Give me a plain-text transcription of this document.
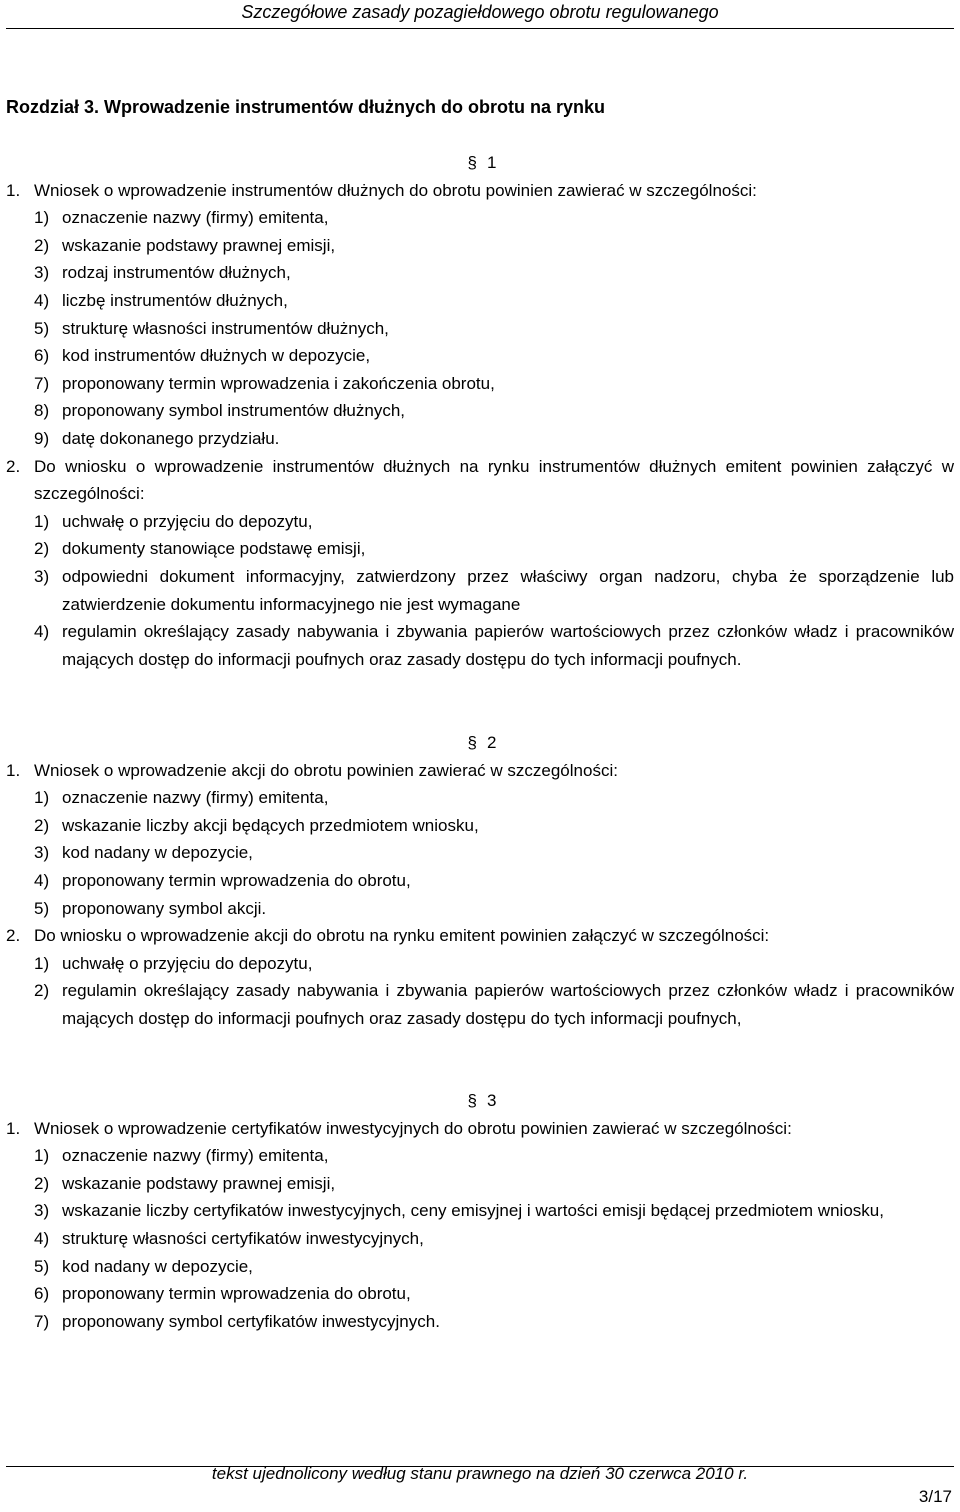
Szczegółowe zasady pozagiełdowego obrotu regulowanego
Rozdział 3. Wprowadzenie instrumentów dłużnych do obrotu na rynku
§ 1
1. Wniosek o wprowadzenie instrumentów dłużnych do obrotu powinien zawierać w szczególności:
1) oznaczenie nazwy (firmy) emitenta,
2) wskazanie podstawy prawnej emisji,
3) rodzaj instrumentów dłużnych,
4) liczbę instrumentów dłużnych,
5) strukturę własności instrumentów dłużnych,
6) kod instrumentów dłużnych w depozycie,
7) proponowany termin wprowadzenia i zakończenia obrotu,
8) proponowany symbol instrumentów dłużnych,
9) datę dokonanego przydziału.
2. Do wniosku o wprowadzenie instrumentów dłużnych na rynku instrumentów dłużnych emitent powinien załączyć w szczególności:
1) uchwałę o przyjęciu do depozytu,
2) dokumenty stanowiące podstawę emisji,
3) odpowiedni dokument informacyjny, zatwierdzony przez właściwy organ nadzoru, chyba że sporządzenie lub zatwierdzenie dokumentu informacyjnego nie jest wymagane
4) regulamin określający zasady nabywania i zbywania papierów wartościowych przez członków władz i pracowników mających dostęp do informacji poufnych oraz zasady dostępu do tych informacji poufnych.
§ 2
1. Wniosek o wprowadzenie akcji do obrotu powinien zawierać w szczególności:
1) oznaczenie nazwy (firmy) emitenta,
2) wskazanie liczby akcji będących przedmiotem wniosku,
3) kod nadany w depozycie,
4) proponowany termin wprowadzenia do obrotu,
5) proponowany symbol akcji.
2. Do wniosku o wprowadzenie akcji do obrotu na rynku emitent powinien załączyć w szczególności:
1) uchwałę o przyjęciu do depozytu,
2) regulamin określający zasady nabywania i zbywania papierów wartościowych przez członków władz i pracowników mających dostęp do informacji poufnych oraz zasady dostępu do tych informacji poufnych,
§ 3
1. Wniosek o wprowadzenie certyfikatów inwestycyjnych do obrotu powinien zawierać w szczególności:
1) oznaczenie nazwy (firmy) emitenta,
2) wskazanie podstawy prawnej emisji,
3) wskazanie liczby certyfikatów inwestycyjnych, ceny emisyjnej i wartości emisji będącej przedmiotem wniosku,
4) strukturę własności certyfikatów inwestycyjnych,
5) kod nadany w depozycie,
6) proponowany termin wprowadzenia do obrotu,
7) proponowany symbol certyfikatów inwestycyjnych.
tekst ujednolicony według stanu prawnego na dzień 30 czerwca 2010 r.
3/17
